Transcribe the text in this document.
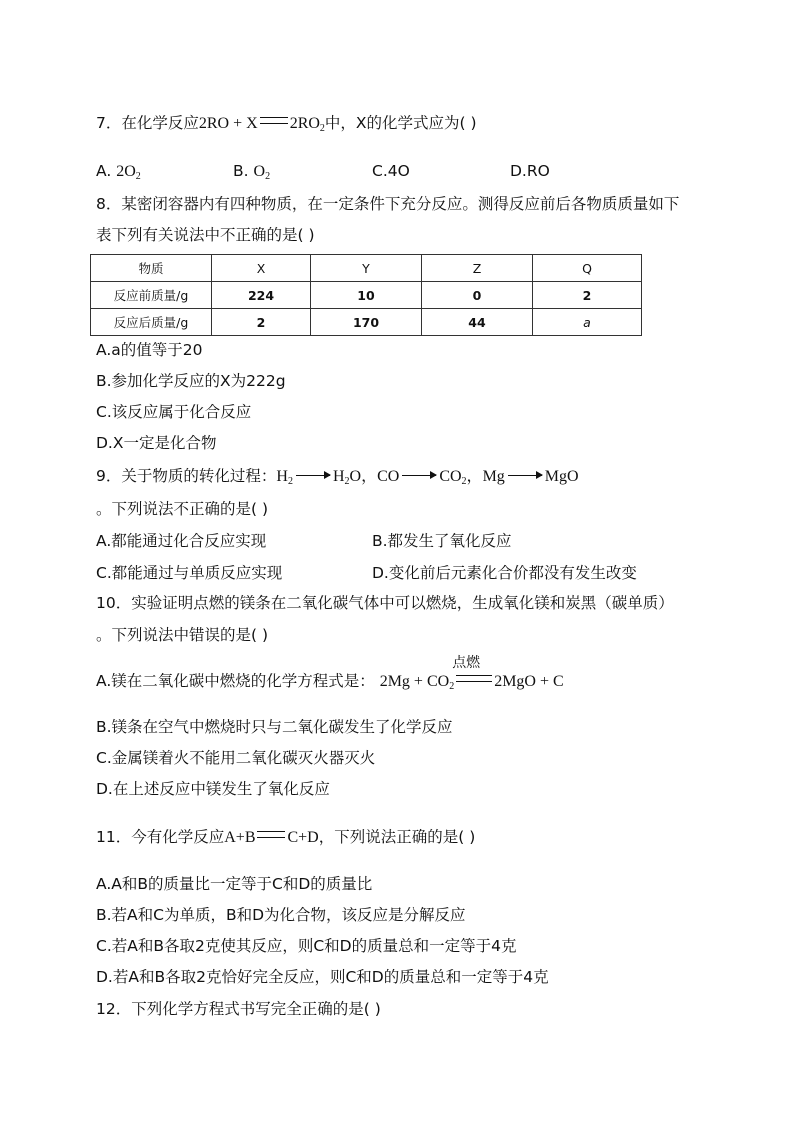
7．在化学反应2RO + X $2RO_2$中，X的化学式应为( )
A. $2O_2$	B. $O_2$	C.4O	D.RO
8．某密闭容器内有四种物质，在一定条件下充分反应。测得反应前后各物质质量如下
表下列有关说法中不正确的是( )
物质	X	Y	Z	Q
反应前质量/g	224	10	0	2
反应后质量/g	2	170	44	a
A.a的值等于20
B.参加化学反应的X为222g
C.该反应属于化合反应
D.X一定是化合物
9．关于物质的转化过程：$H_2$	$H_2O$，CO	$CO_2$，Mg	MgO
。下列说法不正确的是( )
A.都能通过化合反应实现	B.都发生了氧化反应
C.都能通过与单质反应实现	D.变化前后元素化合价都没有发生改变
10．实验证明点燃的镁条在二氧化碳气体中可以燃烧，生成氧化镁和炭黑（碳单质）
。下列说法中错误的是( )
A.镁在二氧化碳中燃烧的化学方程式是： $2Mg + CO_2$
点燃
2MgO + C
B.镁条在空气中燃烧时只与二氧化碳发生了化学反应
C.金属镁着火不能用二氧化碳灭火器灭火
D.在上述反应中镁发生了氧化反应
11．今有化学反应A+B C+D，下列说法正确的是( )
A.A和B的质量比一定等于C和D的质量比
B.若A和C为单质，B和D为化合物，该反应是分解反应
C.若A和B各取2克使其反应，则C和D的质量总和一定等于4克
D.若A和B各取2克恰好完全反应，则C和D的质量总和一定等于4克
12．下列化学方程式书写完全正确的是( )
